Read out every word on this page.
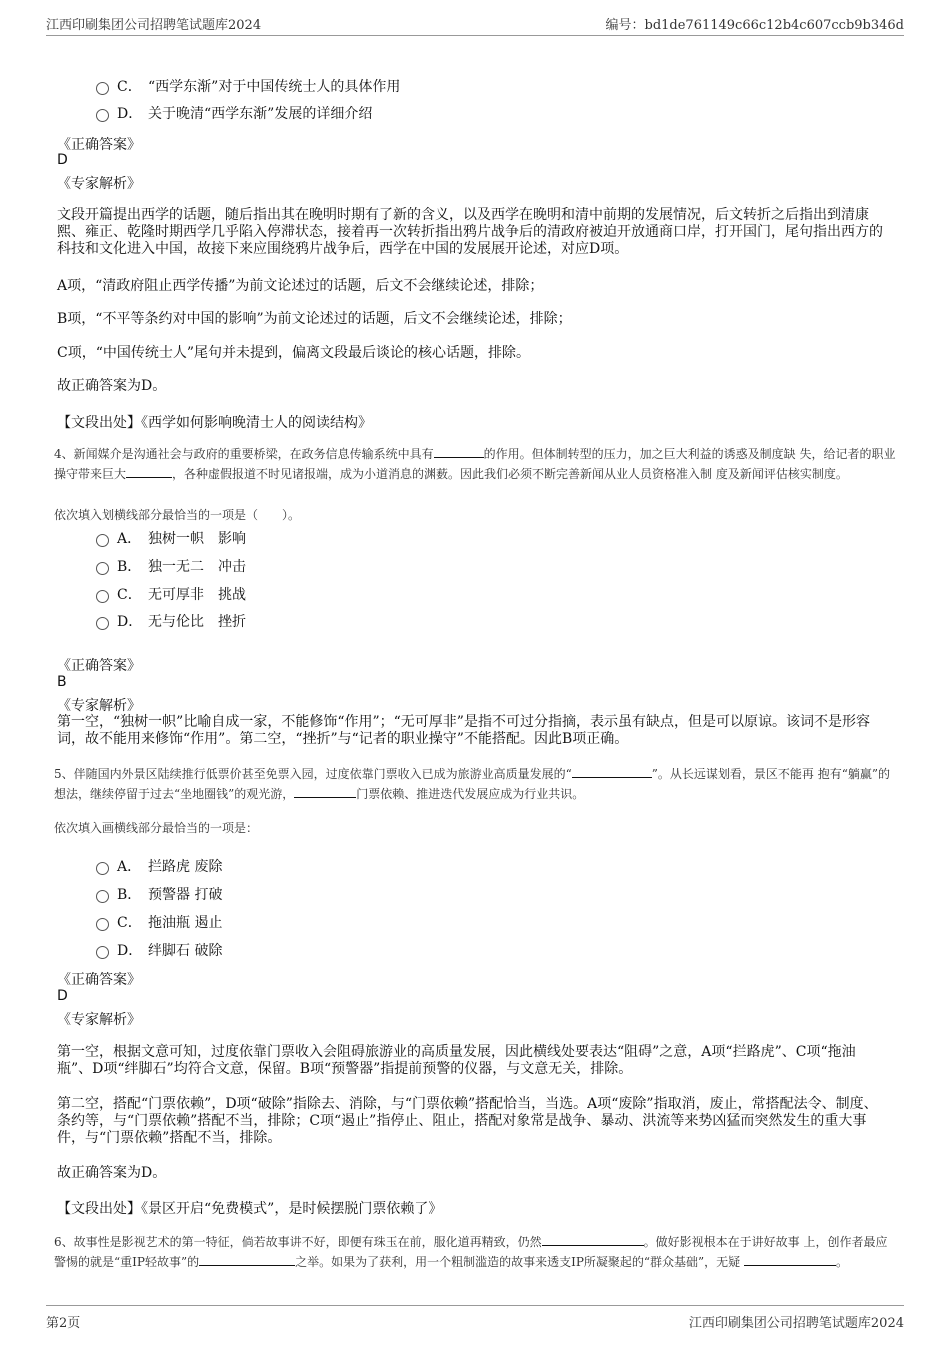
江西印刷集团公司招聘笔试题库2024	编号：bd1de761149c66c12b4c607ccb9b346d
C． “西学东渐”对于中国传统士人的具体作用
D． 关于晚清“西学东渐”发展的详细介绍
《正确答案》
D
《专家解析》
文段开篇提出西学的话题，随后指出其在晚明时期有了新的含义，以及西学在晚明和清中前期的发展情况，后文转折之后指出到清康熙、雍正、乾隆时期西学几乎陷入停滞状态，接着再一次转折指出鸦片战争后的清政府被迫开放通商口岸，打开国门，尾句指出西方的科技和文化进入中国，故接下来应围绕鸦片战争后，西学在中国的发展展开论述，对应D项。
A项，“清政府阻止西学传播”为前文论述过的话题，后文不会继续论述，排除；
B项，“不平等条约对中国的影响”为前文论述过的话题，后文不会继续论述，排除；
C项，“中国传统士人”尾句并未提到，偏离文段最后谈论的核心话题，排除。
故正确答案为D。
【文段出处】《西学如何影响晚清士人的阅读结构》
4、新闻媒介是沟通社会与政府的重要桥梁，在政务信息传输系统中具有	的作用。但体制转型的压力，加之巨大利益的诱惑及制度缺 失，给记者的职业操守带来巨大	，各种虚假报道不时见诸报端，成为小道消息的渊薮。因此我们必须不断完善新闻从业人员资格准入制 度及新闻评估核实制度。
依次填入划横线部分最恰当的一项是（　　）。
A． 独树一帜　影响
B． 独一无二　冲击
C． 无可厚非　挑战
D． 无与伦比　挫折
《正确答案》
B
《专家解析》
第一空，“独树一帜”比喻自成一家，不能修饰“作用”；“无可厚非”是指不可过分指摘，表示虽有缺点，但是可以原谅。该词不是形容词，故不能用来修饰“作用”。第二空，“挫折”与“记者的职业操守”不能搭配。因此B项正确。
5、伴随国内外景区陆续推行低票价甚至免票入园，过度依靠门票收入已成为旅游业高质量发展的“	”。从长远谋划看，景区不能再 抱有“躺赢”的想法，继续停留于过去“坐地圈钱”的观光游，	门票依赖、推进迭代发展应成为行业共识。
依次填入画横线部分最恰当的一项是：
A． 拦路虎 废除
B． 预警器 打破
C． 拖油瓶 遏止
D． 绊脚石 破除
《正确答案》
D
《专家解析》
第一空，根据文意可知，过度依靠门票收入会阻碍旅游业的高质量发展，因此横线处要表达“阻碍”之意，A项“拦路虎”、C项“拖油瓶”、D项“绊脚石”均符合文意，保留。B项“预警器”指提前预警的仪器，与文意无关，排除。
第二空，搭配“门票依赖”，D项“破除”指除去、消除，与“门票依赖”搭配恰当，当选。A项“废除”指取消，废止，常搭配法令、制度、条约等，与“门票依赖”搭配不当，排除；C项“遏止”指停止、阻止，搭配对象常是战争、暴动、洪流等来势凶猛而突然发生的重大事件，与“门票依赖”搭配不当，排除。
故正确答案为D。
【文段出处】《景区开启“免费模式”，是时候摆脱门票依赖了》
6、故事性是影视艺术的第一特征，倘若故事讲不好，即便有珠玉在前，服化道再精致，仍然	。做好影视根本在于讲好故事 上，创作者最应警惕的就是“重IP轻故事”的	之举。如果为了获利，用一个粗制滥造的故事来透支IP所凝聚起的“群众基础”，无疑	。
第2页	江西印刷集团公司招聘笔试题库2024
